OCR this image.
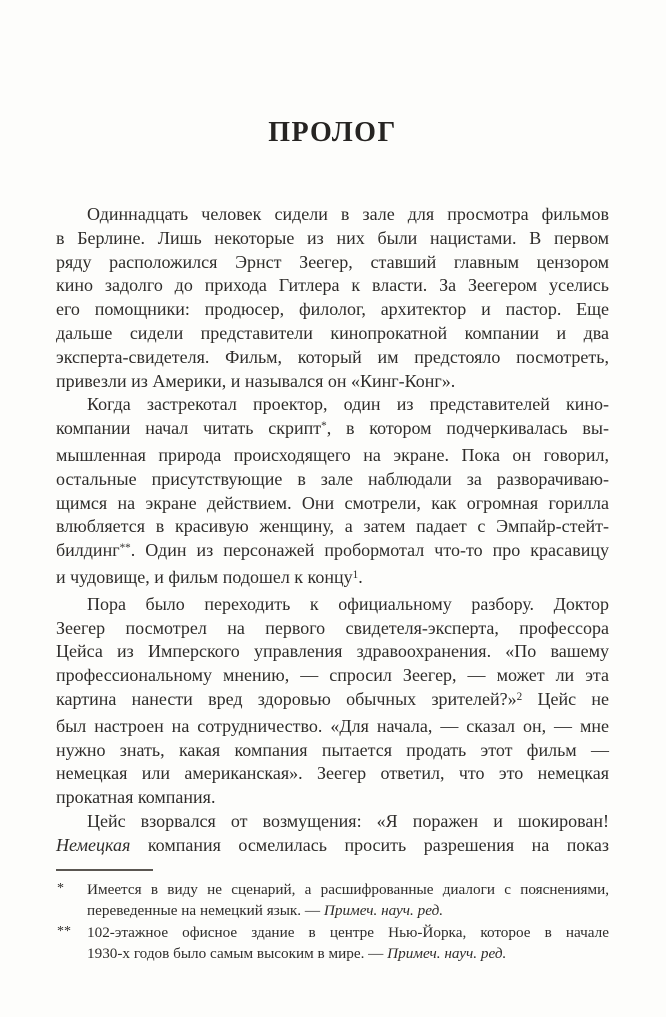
ПРОЛОГ
Одиннадцать человек сидели в зале для просмотра фильмов
в Берлине. Лишь некоторые из них были нацистами. В первом
ряду расположился Эрнст Зеегер, ставший главным цензором
кино задолго до прихода Гитлера к власти. За Зеегером уселись
его помощники: продюсер, филолог, архитектор и пастор. Еще
дальше сидели представители кинопрокатной компании и два
эксперта-свидетеля. Фильм, который им предстояло посмотреть,
привезли из Америки, и назывался он «Кинг-Конг».
Когда застрекотал проектор, один из представителей кино-
компании начал читать скрипт*, в котором подчеркивалась вы-
мышленная природа происходящего на экране. Пока он говорил,
остальные присутствующие в зале наблюдали за разворачиваю-
щимся на экране действием. Они смотрели, как огромная горилла
влюбляется в красивую женщину, а затем падает с Эмпайр-стейт-
билдинг**. Один из персонажей пробормотал что-то про красавицу
и чудовище, и фильм подошел к концу$^1$.
Пора было переходить к официальному разбору. Доктор
Зеегер посмотрел на первого свидетеля-эксперта, профессора
Цейса из Имперского управления здравоохранения. «По вашему
профессиональному мнению, — спросил Зеегер, — может ли эта
картина нанести вред здоровью обычных зрителей?»$^2$ Цейс не
был настроен на сотрудничество. «Для начала, — сказал он, — мне
нужно знать, какая компания пытается продать этот фильм —
немецкая или американская». Зеегер ответил, что это немецкая
прокатная компания.
Цейс взорвался от возмущения: «Я поражен и шокирован!
Немецкая компания осмелилась просить разрешения на показ
*	Имеется в виду не сценарий, а расшифрованные диалоги с пояснениями,
переведенные на немецкий язык. — Примеч. науч. ред.
**	102-этажное офисное здание в центре Нью-Йорка, которое в начале
1930-х годов было самым высоким в мире. — Примеч. науч. ред.
